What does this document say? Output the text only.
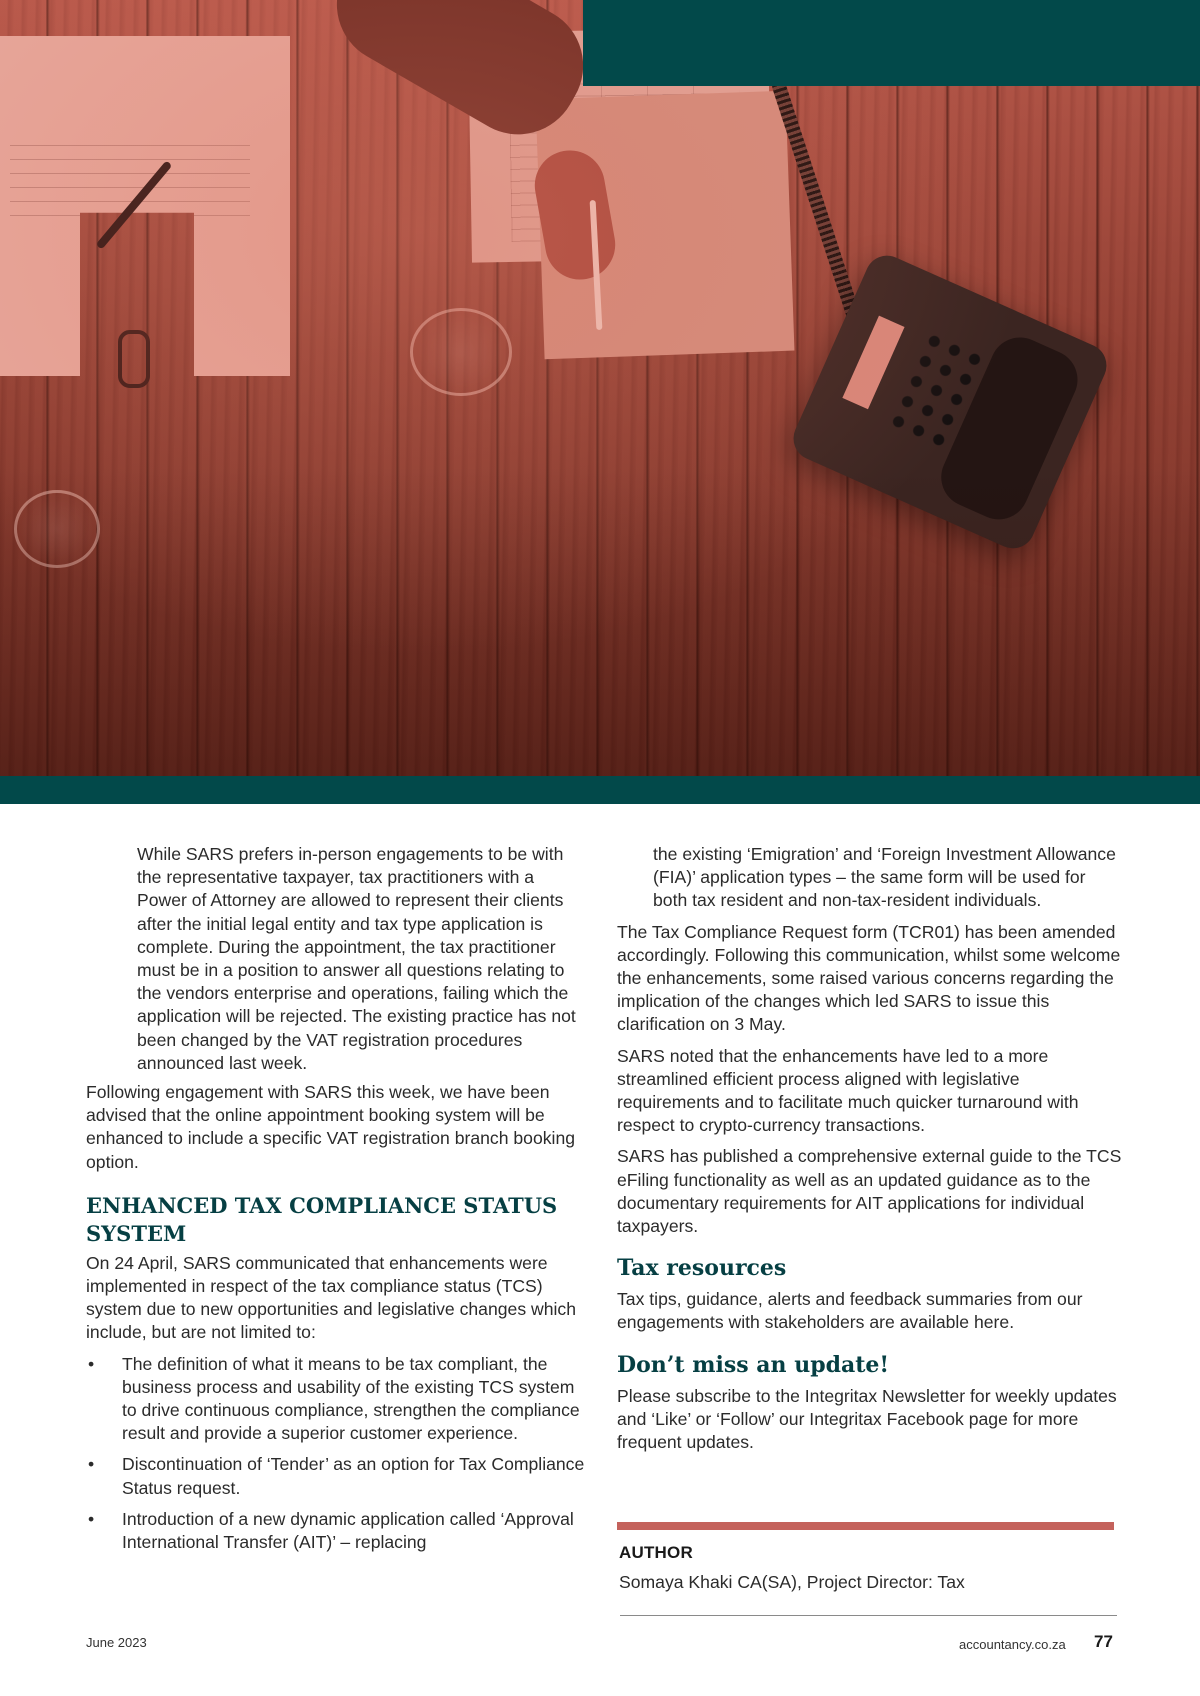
While SARS prefers in-person engagements to be with the representative taxpayer, tax practitioners with a Power of Attorney are allowed to represent their clients after the initial legal entity and tax type application is complete. During the appointment, the tax practitioner must be in a position to answer all questions relating to the vendors enterprise and operations, failing which the application will be rejected. The existing practice has not been changed by the VAT registration procedures announced last week.

Following engagement with SARS this week, we have been advised that the online appointment booking system will be enhanced to include a specific VAT registration branch booking option.

ENHANCED TAX COMPLIANCE STATUS SYSTEM

On 24 April, SARS communicated that enhancements were implemented in respect of the tax compliance status (TCS) system due to new opportunities and legislative changes which include, but are not limited to:

• The definition of what it means to be tax compliant, the business process and usability of the existing TCS system to drive continuous compliance, strengthen the compliance result and provide a superior customer experience.
• Discontinuation of ‘Tender’ as an option for Tax Compliance Status request.
• Introduction of a new dynamic application called ‘Approval International Transfer (AIT)’ – replacing

the existing ‘Emigration’ and ‘Foreign Investment Allowance (FIA)’ application types – the same form will be used for both tax resident and non-tax-resident individuals.

The Tax Compliance Request form (TCR01) has been amended accordingly. Following this communication, whilst some welcome the enhancements, some raised various concerns regarding the implication of the changes which led SARS to issue this clarification on 3 May.

SARS noted that the enhancements have led to a more streamlined efficient process aligned with legislative requirements and to facilitate much quicker turnaround with respect to crypto-currency transactions.

SARS has published a comprehensive external guide to the TCS eFiling functionality as well as an updated guidance as to the documentary requirements for AIT applications for individual taxpayers.

Tax resources

Tax tips, guidance, alerts and feedback summaries from our engagements with stakeholders are available here.

Don’t miss an update!

Please subscribe to the Integritax Newsletter for weekly updates and ‘Like’ or ‘Follow’ our Integritax Facebook page for more frequent updates.

AUTHOR
Somaya Khaki CA(SA), Project Director: Tax
June 2023	accountancy.co.za 77
